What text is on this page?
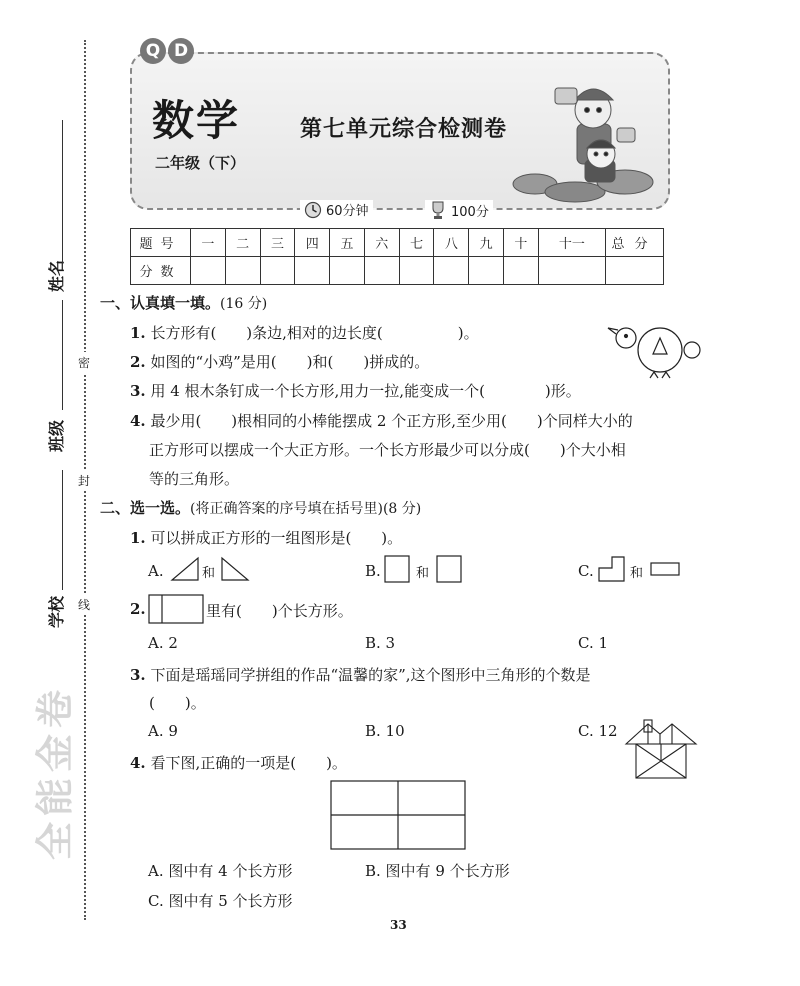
姓名
班级
学校
密
封
线
全能金卷
Q D
数学
二年级（下）
第七单元综合检测卷
60分钟	100分
题号	一	二	三	四	五	六	七	八	九	十	十一	总分
分数												
一、认真填一填。(16 分)
1. 长方形有(　　)条边,相对的边长度(　　　　　)。
2. 如图的“小鸡”是用(　　)和(　　)拼成的。
3. 用 4 根木条钉成一个长方形,用力一拉,能变成一个(　　　　)形。
4. 最少用(　　)根相同的小棒能摆成 2 个正方形,至少用(　　)个同样大小的
正方形可以摆成一个大正方形。一个长方形最少可以分成(　　)个大小相
等的三角形。
二、选一选。(将正确答案的序号填在括号里)(8 分)
1. 可以拼成正方形的一组图形是(　　)。
A.	和	B.	和	C.	和
2.	里有(　　)个长方形。
A. 2	B. 3	C. 1
3. 下面是瑶瑶同学拼组的作品“温馨的家”,这个图形中三角形的个数是
(　　)。
A. 9	B. 10	C. 12
4. 看下图,正确的一项是(　　)。
A. 图中有 4 个长方形	B. 图中有 9 个长方形
C. 图中有 5 个长方形
33
